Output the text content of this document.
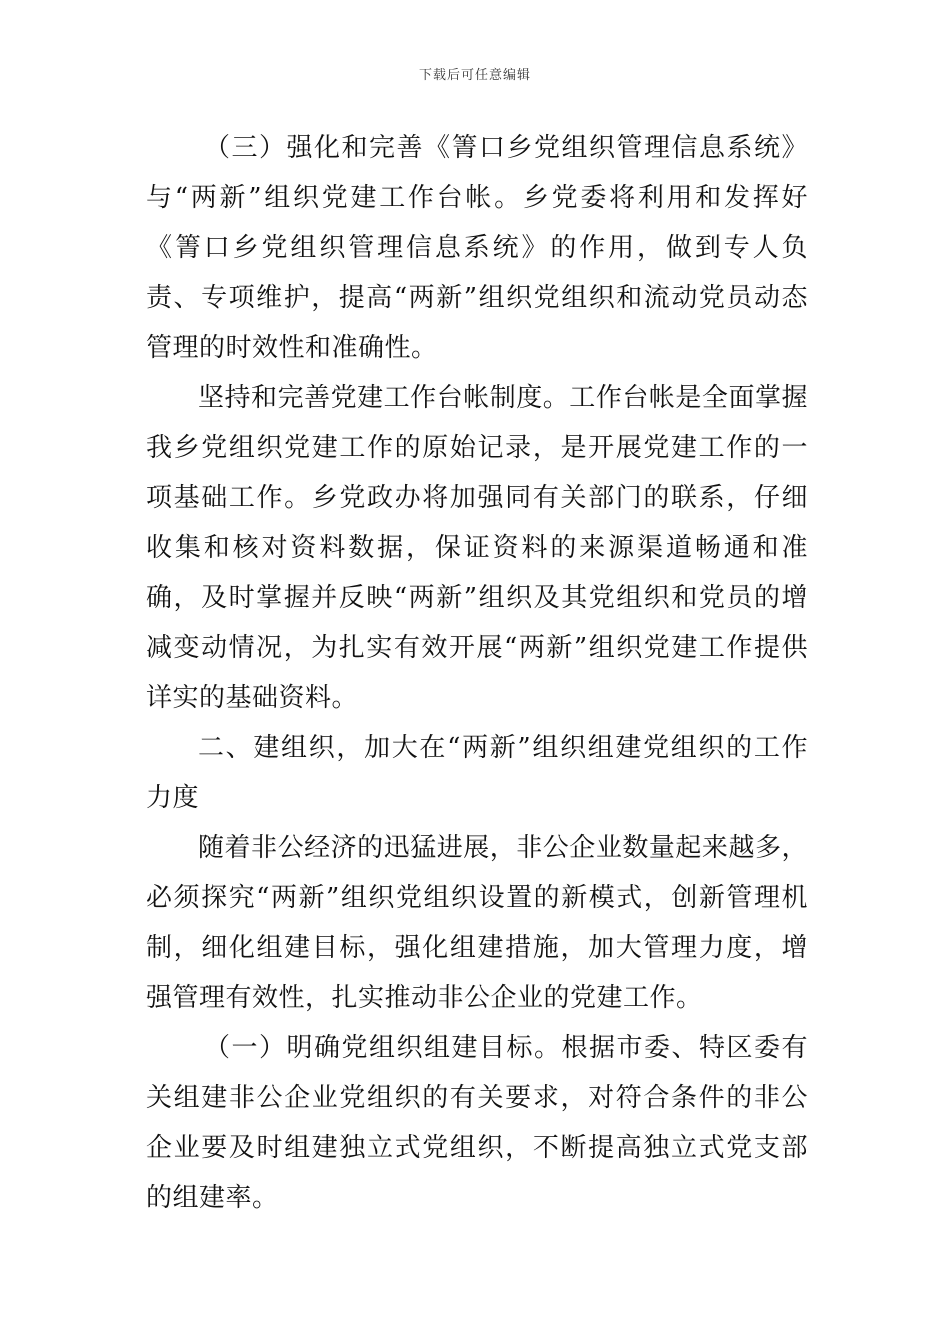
下载后可任意编辑

（三）强化和完善《箐口乡党组织管理信息系统》与“两新”组织党建工作台帐。乡党委将利用和发挥好《箐口乡党组织管理信息系统》的作用，做到专人负责、专项维护，提高“两新”组织党组织和流动党员动态管理的时效性和准确性。

坚持和完善党建工作台帐制度。工作台帐是全面掌握我乡党组织党建工作的原始记录，是开展党建工作的一项基础工作。乡党政办将加强同有关部门的联系，仔细收集和核对资料数据，保证资料的来源渠道畅通和准确，及时掌握并反映“两新”组织及其党组织和党员的增减变动情况，为扎实有效开展“两新”组织党建工作提供详实的基础资料。

二、建组织，加大在“两新”组织组建党组织的工作力度

随着非公经济的迅猛进展，非公企业数量起来越多，必须探究“两新”组织党组织设置的新模式，创新管理机制，细化组建目标，强化组建措施，加大管理力度，增强管理有效性，扎实推动非公企业的党建工作。

（一）明确党组织组建目标。根据市委、特区委有关组建非公企业党组织的有关要求，对符合条件的非公企业要及时组建独立式党组织，不断提高独立式党支部的组建率。
